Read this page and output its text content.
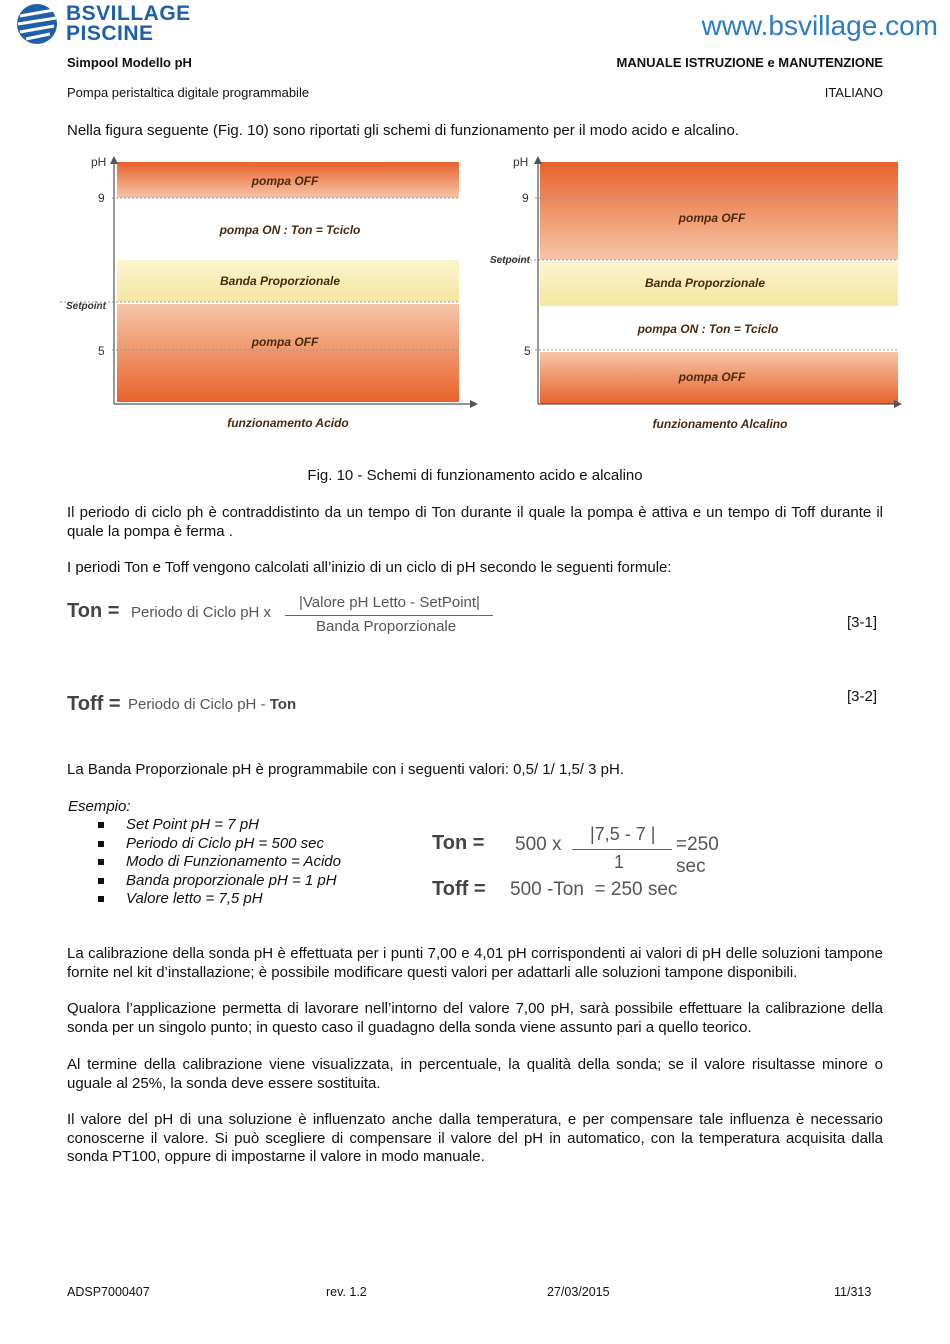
BSVILLAGE
PISCINE	www.bsvillage.com
Simpool Modello pH	MANUALE ISTRUZIONE e MANUTENZIONE
Pompa peristaltica digitale programmabile	ITALIANO
Nella figura seguente (Fig. 10) sono riportati gli schemi di funzionamento per il modo acido e alcalino.
pH
9
5
Setpoint
pompa OFF
pompa ON : Ton = Tciclo
Banda Proporzionale
pompa OFF
funzionamento Acido
pH
9
5
Setpoint
pompa OFF
Banda Proporzionale
pompa ON : Ton = Tciclo
pompa OFF
funzionamento Alcalino
Fig. 10 - Schemi di funzionamento acido e alcalino
Il periodo di ciclo ph è contraddistinto da un tempo di Ton durante il quale la pompa è attiva e un tempo di Toff durante il quale la pompa è ferma .
I periodi Ton e Toff vengono calcolati all’inizio di un ciclo di pH secondo le seguenti formule:
Ton = Periodo di Ciclo pH x
|Valore pH Letto - SetPoint|
Banda Proporzionale	[3-1]
Toff = Periodo di Ciclo pH - Ton	[3-2]
La Banda Proporzionale pH è programmabile con i seguenti valori: 0,5/ 1/ 1,5/ 3 pH.
Esempio:
Set Point pH = 7 pH
Periodo di Ciclo pH = 500 sec
Modo di Funzionamento = Acido
Banda proporzionale pH = 1 pH
Valore letto = 7,5 pH
Ton = 500 x |7,5 - 7 |
1
=250 sec
Toff = 500 -Ton  = 250 sec
La calibrazione della sonda pH è effettuata per i punti 7,00 e 4,01 pH corrispondenti ai valori di pH delle soluzioni tampone fornite nel kit d’installazione; è possibile modificare questi valori per adattarli alle soluzioni tampone disponibili.
Qualora l’applicazione permetta di lavorare nell’intorno del valore 7,00 pH, sarà possibile effettuare la calibrazione della sonda per un singolo punto; in questo caso il guadagno della sonda viene assunto pari a quello teorico.
Al termine della calibrazione viene visualizzata, in percentuale, la qualità della sonda; se il valore risultasse minore o uguale al 25%, la sonda deve essere sostituita.
Il valore del pH di una soluzione è influenzato anche dalla temperatura, e per compensare tale influenza è necessario conoscerne il valore. Si può scegliere di compensare il valore del pH in automatico, con la temperatura acquisita dalla sonda PT100, oppure di impostarne il valore in modo manuale.
ADSP7000407	rev. 1.2	27/03/2015	11/313
